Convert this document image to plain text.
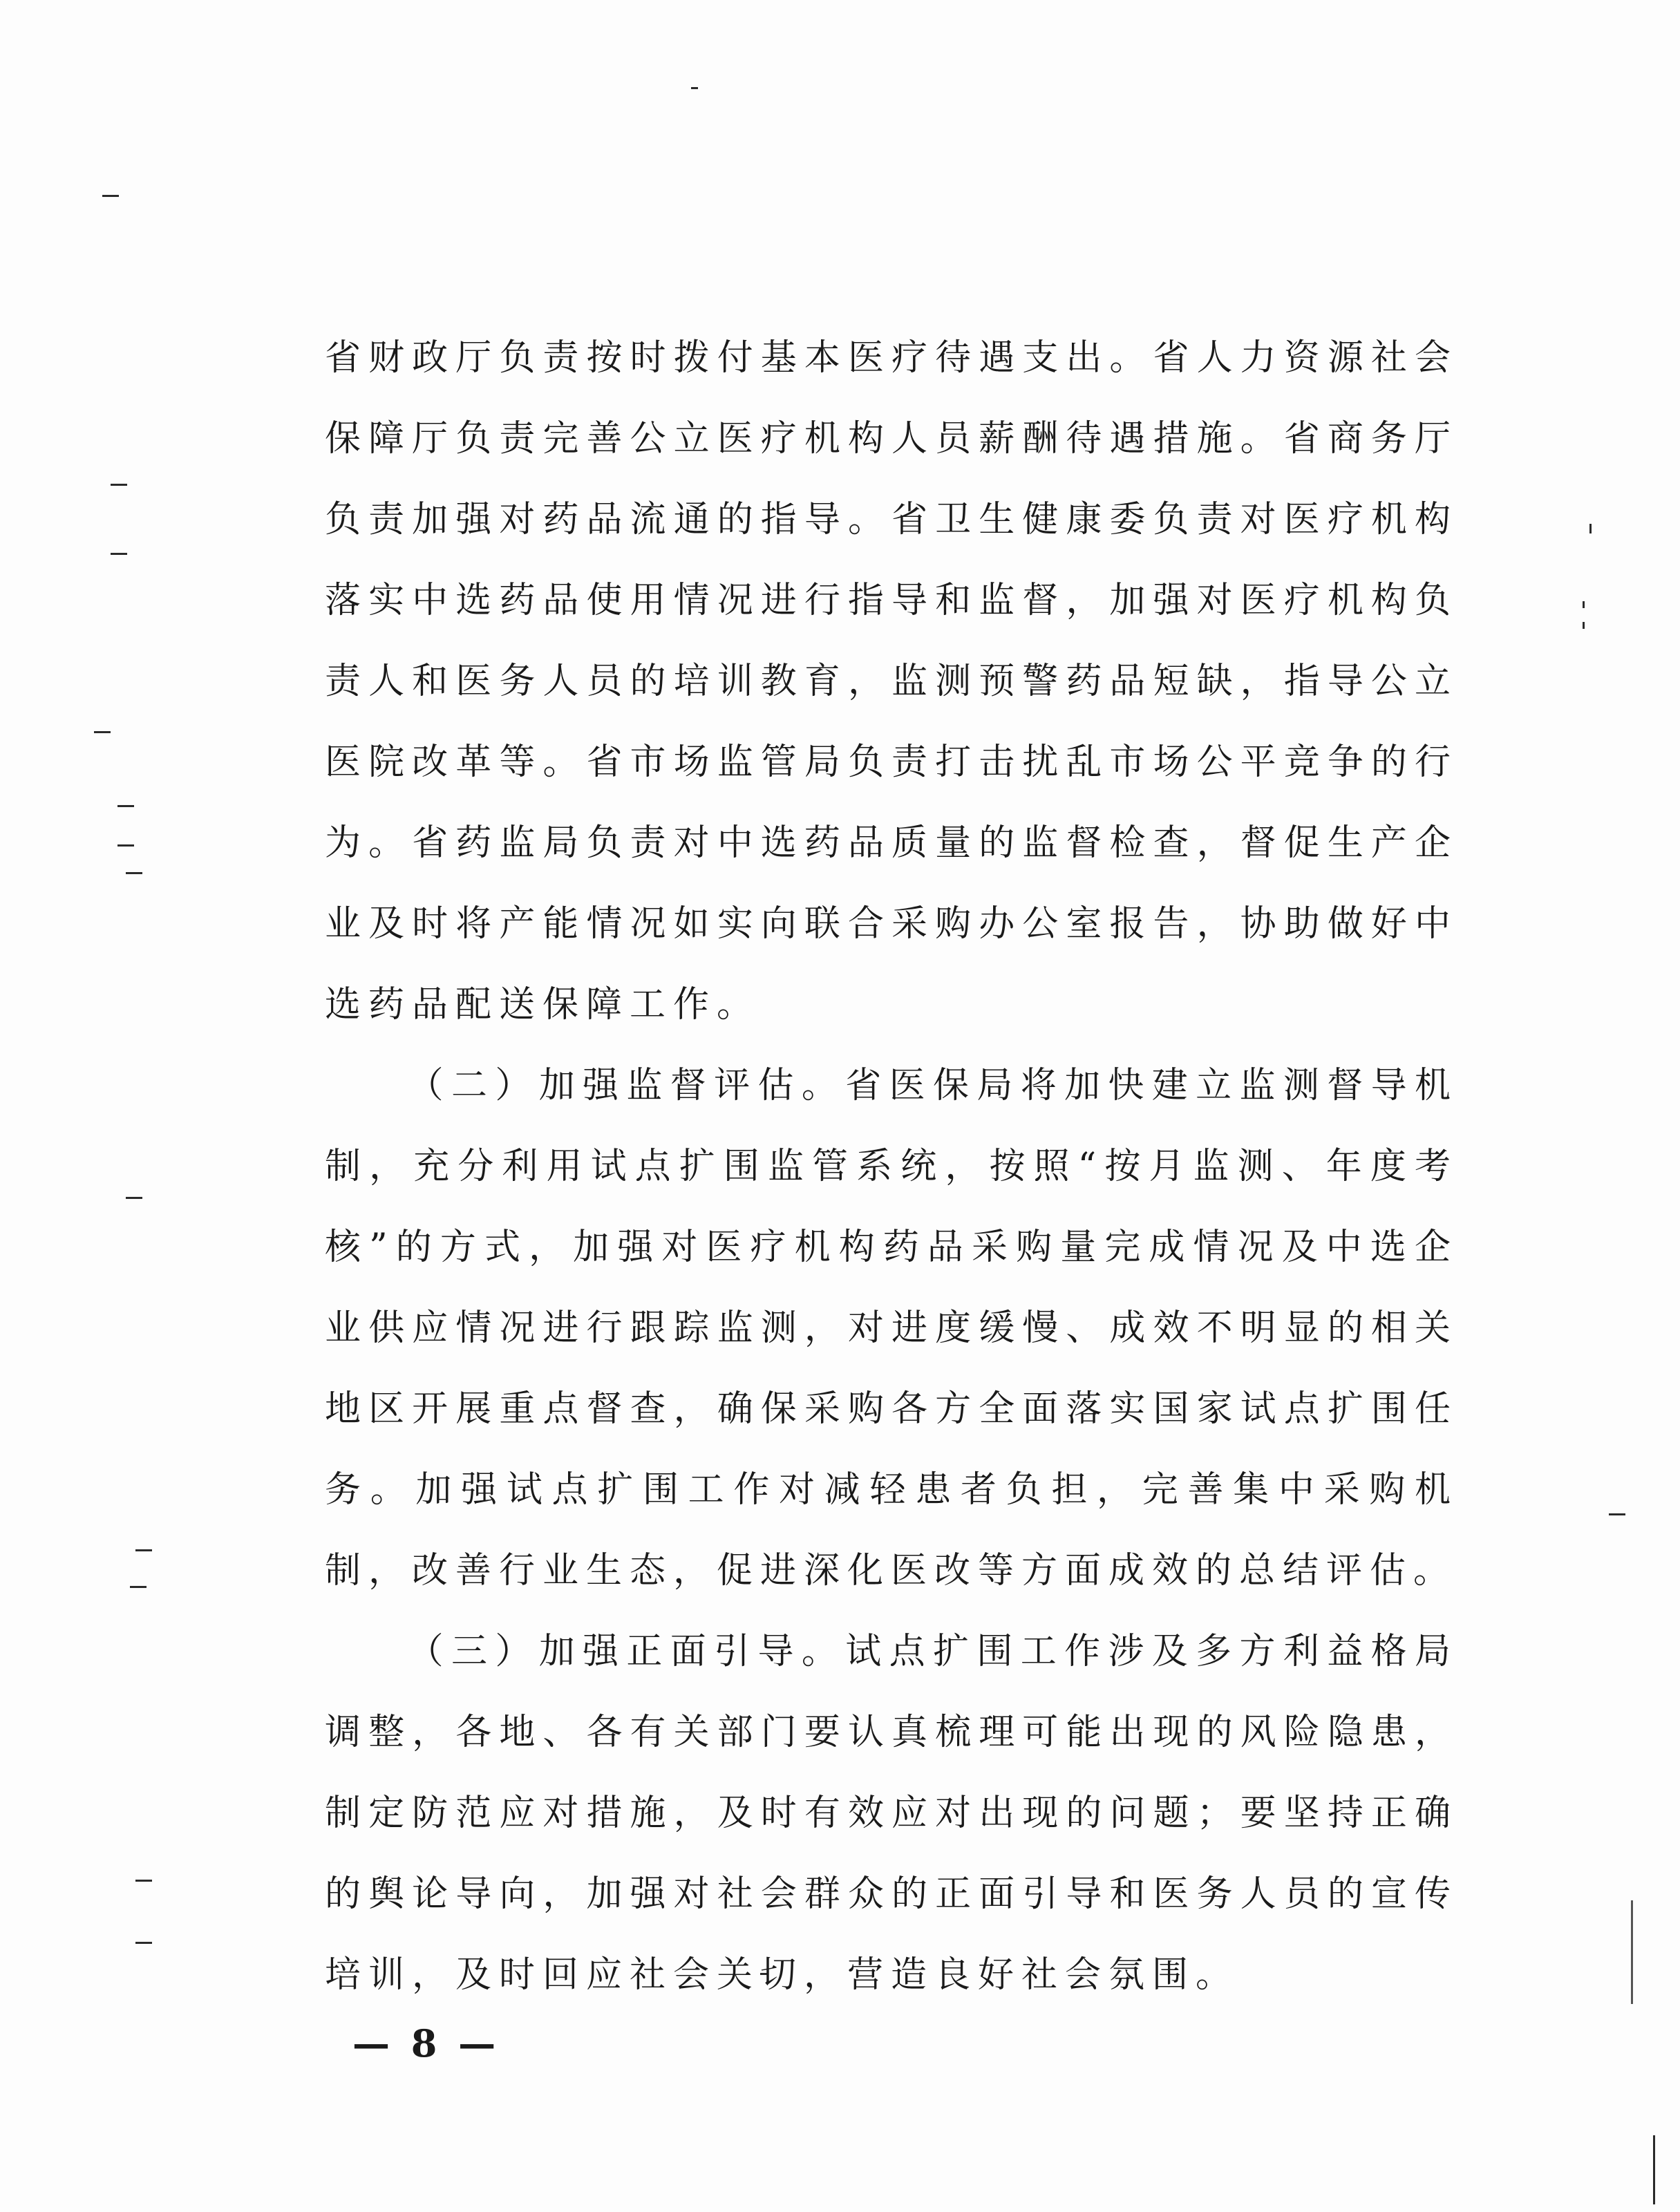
省财政厅负责按时拨付基本医疗待遇支出。省人力资源社会保障厅负责完善公立医疗机构人员薪酬待遇措施。省商务厅负责加强对药品流通的指导。省卫生健康委负责对医疗机构落实中选药品使用情况进行指导和监督，加强对医疗机构负责人和医务人员的培训教育，监测预警药品短缺，指导公立医院改革等。省市场监管局负责打击扰乱市场公平竞争的行为。省药监局负责对中选药品质量的监督检查，督促生产企业及时将产能情况如实向联合采购办公室报告，协助做好中选药品配送保障工作。

（二）加强监督评估。省医保局将加快建立监测督导机制，充分利用试点扩围监管系统，按照“按月监测、年度考核”的方式，加强对医疗机构药品采购量完成情况及中选企业供应情况进行跟踪监测，对进度缓慢、成效不明显的相关地区开展重点督查，确保采购各方全面落实国家试点扩围任务。加强试点扩围工作对减轻患者负担，完善集中采购机制，改善行业生态，促进深化医改等方面成效的总结评估。

（三）加强正面引导。试点扩围工作涉及多方利益格局调整，各地、各有关部门要认真梳理可能出现的风险隐患，制定防范应对措施，及时有效应对出现的问题；要坚持正确的舆论导向，加强对社会群众的正面引导和医务人员的宣传培训，及时回应社会关切，营造良好社会氛围。

— 8 —
